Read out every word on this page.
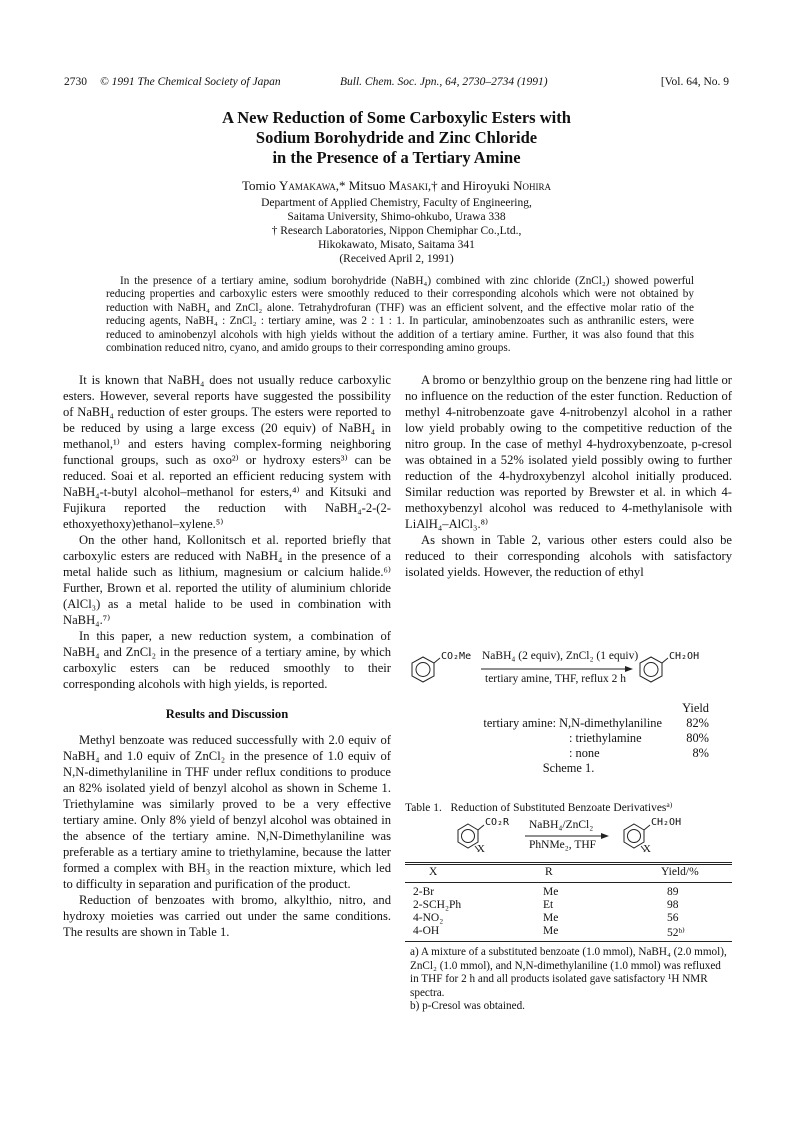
2730 © 1991 The Chemical Society of Japan	Bull. Chem. Soc. Jpn., 64, 2730–2734 (1991)	[Vol. 64, No. 9
A New Reduction of Some Carboxylic Esters with
Sodium Borohydride and Zinc Chloride
in the Presence of a Tertiary Amine
Tomio Yamakawa,* Mitsuo Masaki,† and Hiroyuki Nohira
Department of Applied Chemistry, Faculty of Engineering,
Saitama University, Shimo-ohkubo, Urawa 338
† Research Laboratories, Nippon Chemiphar Co.,Ltd.,
Hikokawato, Misato, Saitama 341
(Received April 2, 1991)
In the presence of a tertiary amine, sodium borohydride (NaBH₄) combined with zinc chloride (ZnCl₂) showed powerful reducing properties and carboxylic esters were smoothly reduced to their corresponding alcohols which were not obtained by reduction with NaBH₄ and ZnCl₂ alone. Tetrahydrofuran (THF) was an efficient solvent, and the effective molar ratio of the reducing agents, NaBH₄ : ZnCl₂ : tertiary amine, was 2 : 1 : 1. In particular, aminobenzoates such as anthranilic esters, were reduced to aminobenzyl alcohols with high yields without the addition of a tertiary amine. Further, it was also found that this combination reduced nitro, cyano, and amido groups to their corresponding amino groups.

It is known that NaBH₄ does not usually reduce carboxylic esters. However, several reports have suggested the possibility of NaBH₄ reduction of ester groups. The esters were reported to be reduced by using a large excess (20 equiv) of NaBH₄ in methanol,¹⁾ and esters having complex-forming neighboring functional groups, such as oxo²⁾ or hydroxy esters³⁾ can be reduced. Soai et al. reported an efficient reducing system with NaBH₄-t-butyl alcohol–methanol for esters,⁴⁾ and Kitsuki and Fujikura reported the reduction with NaBH₄-2-(2-ethoxyethoxy)ethanol–xylene.⁵⁾

On the other hand, Kollonitsch et al. reported briefly that carboxylic esters are reduced with NaBH₄ in the presence of a metal halide such as lithium, magnesium or calcium halide.⁶⁾ Further, Brown et al. reported the utility of aluminium chloride (AlCl₃) as a metal halide to be used in combination with NaBH₄.⁷⁾

In this paper, a new reduction system, a combination of NaBH₄ and ZnCl₂ in the presence of a tertiary amine, by which carboxylic esters can be reduced smoothly to their corresponding alcohols with high yields, is reported.

Results and Discussion

Methyl benzoate was reduced successfully with 2.0 equiv of NaBH₄ and 1.0 equiv of ZnCl₂ in the presence of 1.0 equiv of N,N-dimethylaniline in THF under reflux conditions to produce an 82% isolated yield of benzyl alcohol as shown in Scheme 1. Triethylamine was similarly proved to be a very effective tertiary amine. Only 8% yield of benzyl alcohol was obtained in the absence of the tertiary amine. N,N-Dimethylaniline was preferable as a tertiary amine to triethylamine, because the latter formed a complex with BH₃ in the reaction mixture, which led to difficulty in separation and purification of the product.

Reduction of benzoates with bromo, alkylthio, nitro, and hydroxy moieties was carried out under the same conditions. The results are shown in Table 1.

A bromo or benzylthio group on the benzene ring had little or no influence on the reduction of the ester function. Reduction of methyl 4-nitrobenzoate gave 4-nitrobenzyl alcohol in a rather low yield probably owing to the competitive reduction of the nitro group. In the case of methyl 4-hydroxybenzoate, p-cresol was obtained in a 52% isolated yield possibly owing to further reduction of the 4-hydroxybenzyl alcohol initially produced. Similar reduction was reported by Brewster et al. in which 4-methoxybenzyl alcohol was reduced to 4-methylanisole with LiAlH₄–AlCl₃.⁸⁾

As shown in Table 2, various other esters could also be reduced to their corresponding alcohols with satisfactory isolated yields. However, the reduction of ethyl

CO₂Me NaBH₄ (2 equiv), ZnCl₂ (1 equiv)
tertiary amine, THF, reflux 2 h
CH₂OH
Yield
tertiary amine: N,N-dimethylaniline 82%
: triethylamine	80%
: none	8%
Scheme 1.
Table 1.   Reduction of Substituted Benzoate Derivatives$^{a)}$
CO₂R
X
NaBH₄/ZnCl₂
PhNMe₂, THF
CH₂OH
X
X	R	Yield/%
2-Br	Me	89
2-SCH₂Ph	Et	98
4-NO₂	Me	56
4-OH	Me	52ᵇ⁾
a) A mixture of a substituted benzoate (1.0 mmol), NaBH₄ (2.0 mmol), ZnCl₂ (1.0 mmol), and N,N-dimethylaniline (1.0 mmol) was refluxed in THF for 2 h and all products isolated gave satisfactory ¹H NMR spectra.
b) p-Cresol was obtained.
